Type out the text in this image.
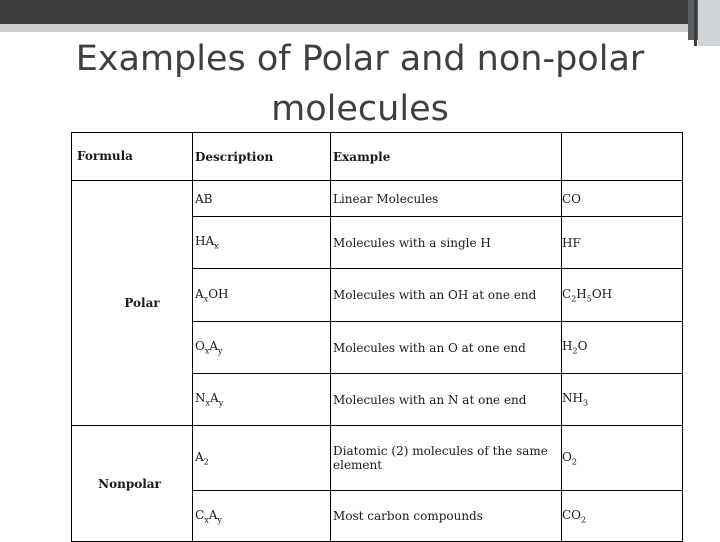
Examples of Polar and non-polar
molecules
Formula	Description	Example	
Polar	AB	Linear Molecules	CO
	$HA_x$	Molecules with a single H	HF
	$A_xOH$	Molecules with an OH at one end	$C_2H_5OH$
	$O_xA_y$	Molecules with an O at one end	$H_2O$
	$N_xA_y$	Molecules with an N at one end	$NH_3$
Nonpolar	$A_2$	Diatomic (2) molecules of the same element	$O_2$
	$C_xA_y$	Most carbon compounds	$CO_2$
